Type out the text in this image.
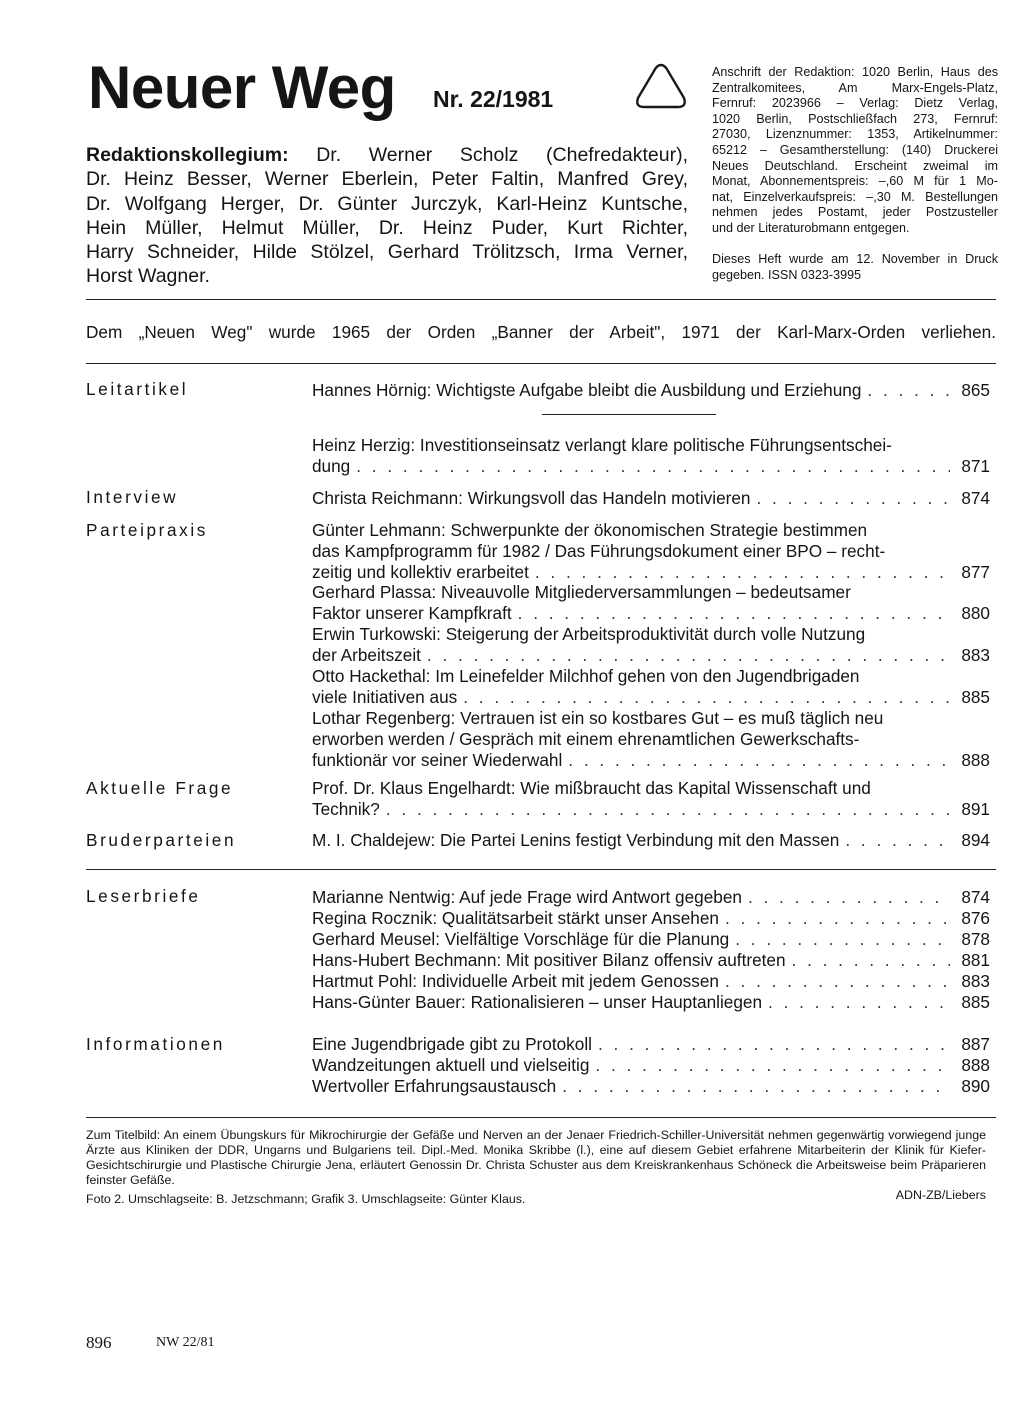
Neuer Weg Nr. 22/1981
Anschrift der Redaktion: 1020 Berlin, Haus des
Zentralkomitees, Am Marx-Engels-Platz,
Fernruf: 2023966 – Verlag: Dietz Verlag,
1020 Berlin, Postschließfach 273, Fernruf:
27030, Lizenznummer: 1353, Artikelnummer:
65212 – Gesamtherstellung: (140) Druckerei
Neues Deutschland. Erscheint zweimal im
Monat, Abonnementspreis: –,60 M für 1 Mo-
nat, Einzelverkaufspreis: –,30 M. Bestellungen
nehmen jedes Postamt, jeder Postzusteller
und der Literaturobmann entgegen.
Dieses Heft wurde am 12. November in Druck gegeben. ISSN 0323-3995
Redaktionskollegium: Dr. Werner Scholz (Chefredakteur),
Dr. Heinz Besser, Werner Eberlein, Peter Faltin, Manfred Grey,
Dr. Wolfgang Herger, Dr. Günter Jurczyk, Karl-Heinz Kuntsche,
Hein Müller, Helmut Müller, Dr. Heinz Puder, Kurt Richter,
Harry Schneider, Hilde Stölzel, Gerhard Trölitzsch, Irma Verner,
Horst Wagner.
Dem „Neuen Weg" wurde 1965 der Orden „Banner der Arbeit", 1971 der Karl-Marx-Orden verliehen.
Leitartikel	Hannes Hörnig: Wichtigste Aufgabe bleibt die Ausbildung und Erziehung . . .	865
Heinz Herzig: Investitionseinsatz verlangt klare politische Führungsentschei-
dung . . .	871
Interview	Christa Reichmann: Wirkungsvoll das Handeln motivieren . . .	874
Parteipraxis	Günter Lehmann: Schwerpunkte der ökonomischen Strategie bestimmen
das Kampfprogramm für 1982 / Das Führungsdokument einer BPO – recht-
zeitig und kollektiv erarbeitet . . .	877
Gerhard Plassa: Niveauvolle Mitgliederversammlungen – bedeutsamer
Faktor unserer Kampfkraft . . .	880
Erwin Turkowski: Steigerung der Arbeitsproduktivität durch volle Nutzung
der Arbeitszeit . . .	883
Otto Hackethal: Im Leinefelder Milchhof gehen von den Jugendbrigaden
viele Initiativen aus . . .	885
Lothar Regenberg: Vertrauen ist ein so kostbares Gut – es muß täglich neu
erworben werden / Gespräch mit einem ehrenamtlichen Gewerkschafts-
funktionär vor seiner Wiederwahl . . .	888
Aktuelle Frage	Prof. Dr. Klaus Engelhardt: Wie mißbraucht das Kapital Wissenschaft und
Technik? . . .	891
Bruderparteien	M. I. Chaldejew: Die Partei Lenins festigt Verbindung mit den Massen . . .	894
Leserbriefe	Marianne Nentwig: Auf jede Frage wird Antwort gegeben . . .	874
Regina Rocznik: Qualitätsarbeit stärkt unser Ansehen . . .	876
Gerhard Meusel: Vielfältige Vorschläge für die Planung . . .	878
Hans-Hubert Bechmann: Mit positiver Bilanz offensiv auftreten . . .	881
Hartmut Pohl: Individuelle Arbeit mit jedem Genossen . . .	883
Hans-Günter Bauer: Rationalisieren – unser Hauptanliegen . . .	885
Informationen	Eine Jugendbrigade gibt zu Protokoll . . .	887
Wandzeitungen aktuell und vielseitig . . .	888
Wertvoller Erfahrungsaustausch . . .	890
Zum Titelbild: An einem Übungskurs für Mikrochirurgie der Gefäße und Nerven an der Jenaer Friedrich-Schiller-Universität nehmen gegenwärtig vorwiegend junge Ärzte aus Kliniken der DDR, Ungarns und Bulgariens teil. Dipl.-Med. Monika Skribbe (l.), eine auf diesem Gebiet erfahrene Mitarbeiterin der Klinik für Kiefer-Gesichtschirurgie und Plastische Chirurgie Jena, erläutert Genossin Dr. Christa Schuster aus dem Kreiskrankenhaus Schöneck die Arbeitsweise beim Präparieren feinster Gefäße.
ADN-ZB/Liebers
Foto 2. Umschlagseite: B. Jetzschmann; Grafik 3. Umschlagseite: Günter Klaus.
896	NW 22/81
